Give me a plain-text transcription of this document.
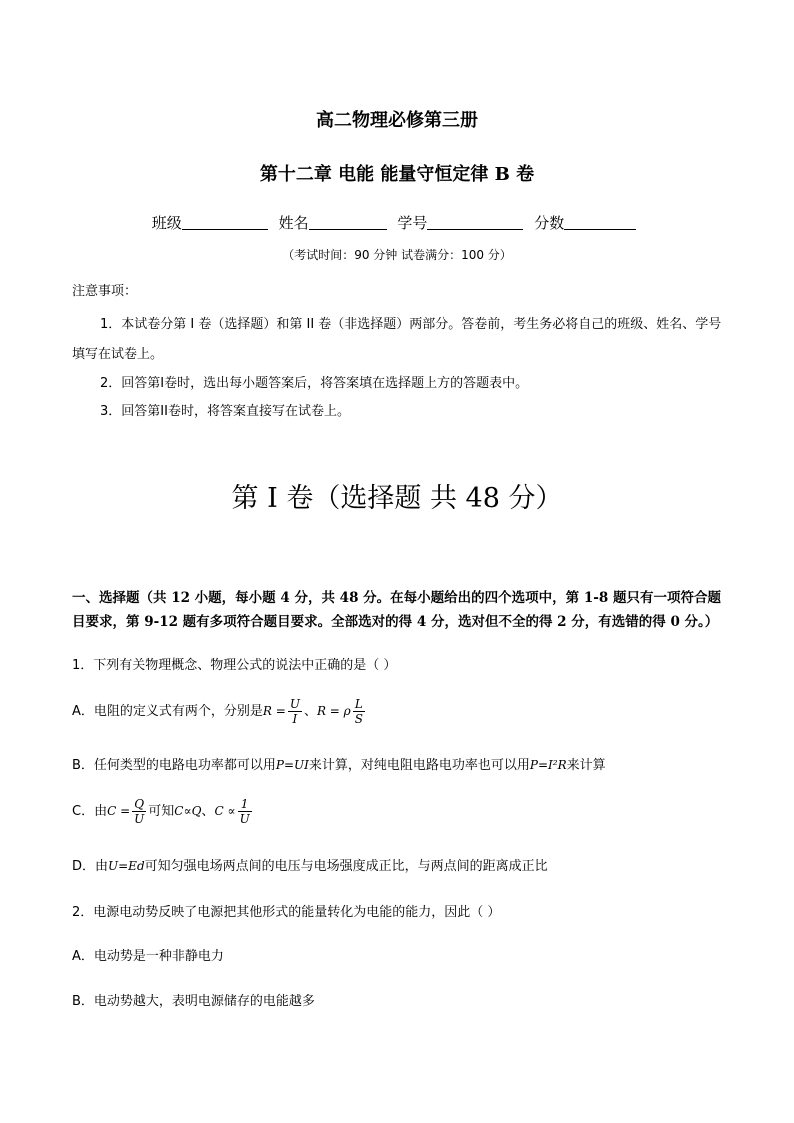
高二物理必修第三册
第十二章 电能 能量守恒定律 B 卷
班级	姓名	学号	分数
（考试时间：90 分钟 试卷满分：100 分）
注意事项：
1．本试卷分第 I 卷（选择题）和第 II 卷（非选择题）两部分。答卷前，考生务必将自己的班级、姓名、学号填写在试卷上。
2．回答第I卷时，选出每小题答案后，将答案填在选择题上方的答题表中。
3．回答第II卷时，将答案直接写在试卷上。
第 I 卷（选择题 共 48 分）
一、选择题（共 12 小题，每小题 4 分，共 48 分。在每小题给出的四个选项中，第 1-8 题只有一项符合题目要求，第 9-12 题有多项符合题目要求。全部选对的得 4 分，选对但不全的得 2 分，有选错的得 0 分。）
1．下列有关物理概念、物理公式的说法中正确的是（ ）
A．电阻的定义式有两个，分别是$R = \frac{U}{I}$ 、R = ρ $\frac{L}{S}$
B．任何类型的电路电功率都可以用P=UI来计算，对纯电阻电路电功率也可以用P=I²R来计算
C．由$C = \frac{Q}{U}$ 可知C∝Q、$C \propto \frac{1}{U}$
D．由U=Ed可知匀强电场两点间的电压与电场强度成正比，与两点间的距离成正比
2．电源电动势反映了电源把其他形式的能量转化为电能的能力，因此（ ）
A．电动势是一种非静电力
B．电动势越大，表明电源储存的电能越多
